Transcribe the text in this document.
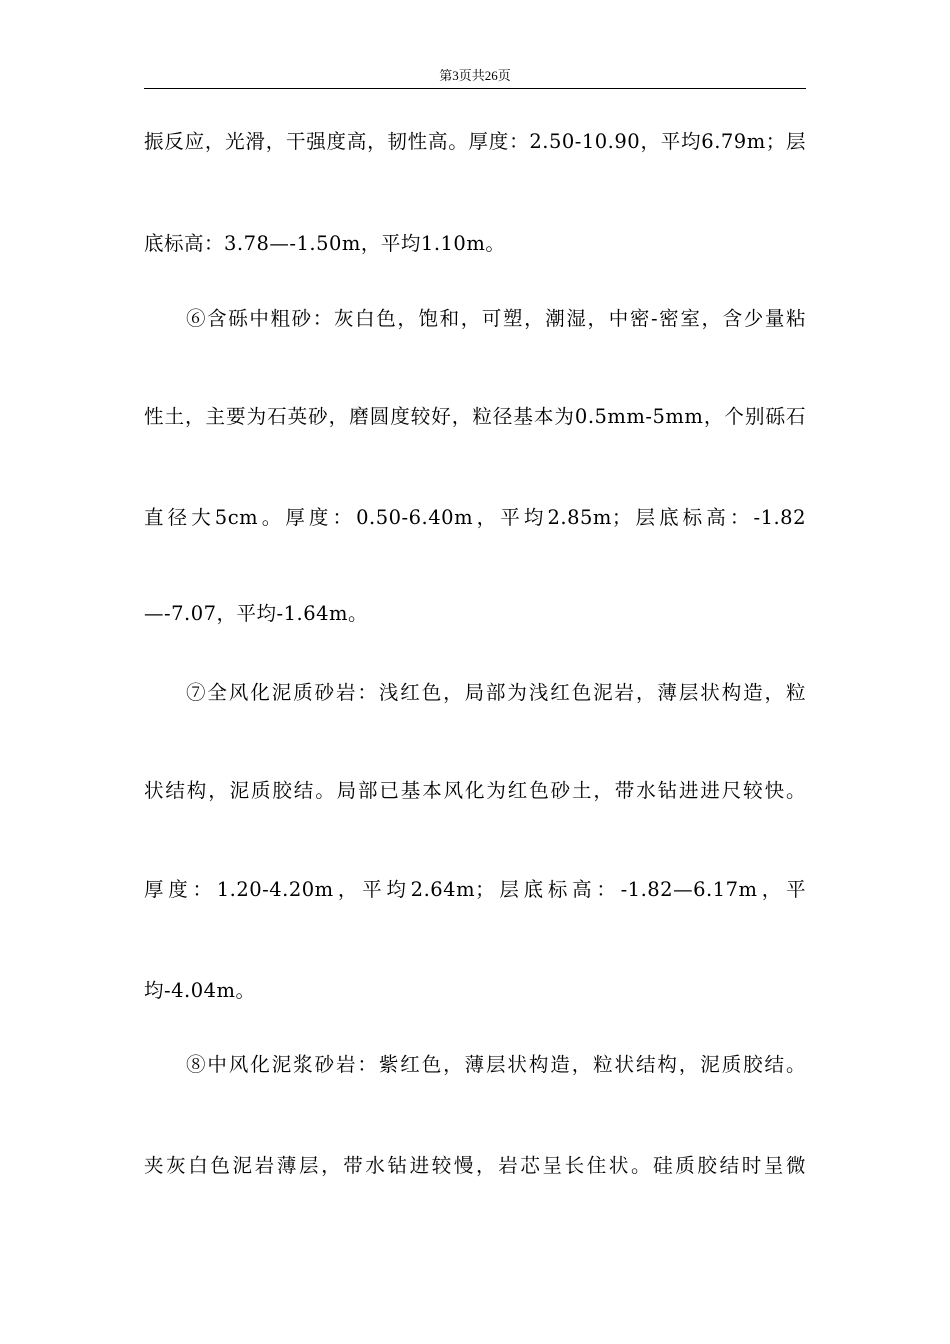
第3页共26页
振反应，光滑，干强度高，韧性高。厚度：2.50-10.90，平均6.79m；层
底标高：3.78—-1.50m，平均1.10m。
⑥含砾中粗砂：灰白色，饱和，可塑，潮湿，中密-密室，含少量粘
性土，主要为石英砂，磨圆度较好，粒径基本为0.5mm-5mm，个别砾石
直径大5cm。厚度：0.50-6.40m，平均2.85m；层底标高：-1.82
—-7.07，平均-1.64m。
⑦全风化泥质砂岩：浅红色，局部为浅红色泥岩，薄层状构造，粒
状结构，泥质胶结。局部已基本风化为红色砂土，带水钻进进尺较快。
厚度：1.20-4.20m，平均2.64m；层底标高：-1.82—6.17m，平
均-4.04m。
⑧中风化泥浆砂岩：紫红色，薄层状构造，粒状结构，泥质胶结。
夹灰白色泥岩薄层，带水钻进较慢，岩芯呈长住状。硅质胶结时呈微
